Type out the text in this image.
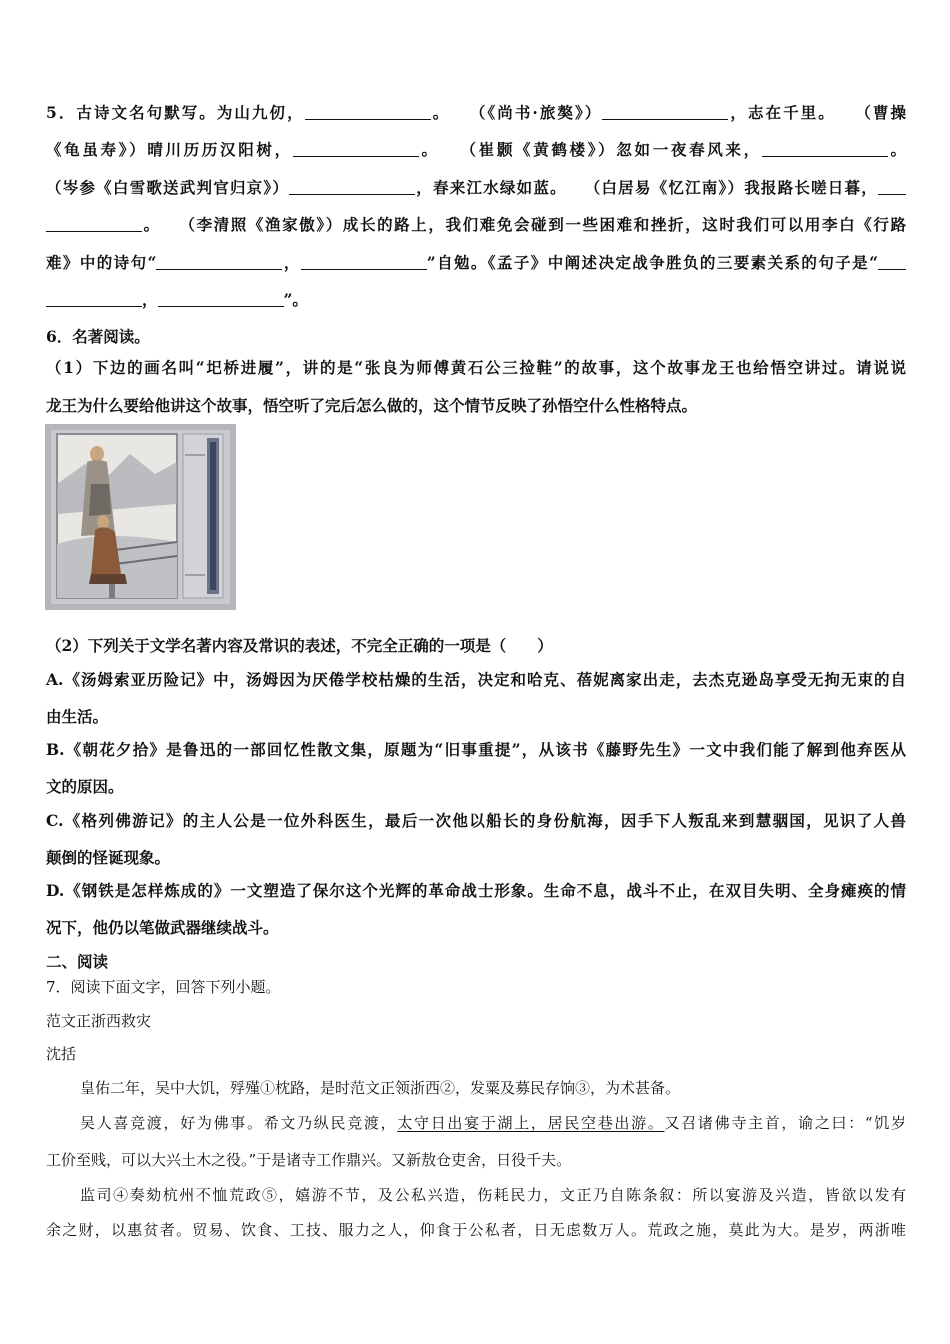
5．古诗文名句默写。为山九仞，	。　　（《尚书·旅獒》）	，志在千里。　　（曹操
《龟虽寿》）晴川历历汉阳树，	。　　（崔颢《黄鹤楼》）忽如一夜春风来，	。
（岑参《白雪歌送武判官归京》）	，春来江水绿如蓝。　　（白居易《忆江南》）我报路长嗟日暮，
。　　（李清照《渔家傲》）成长的路上，我们难免会碰到一些困难和挫折，这时我们可以用李白《行路
难》中的诗句“	，	”自勉。《孟子》中阐述决定战争胜负的三要素关系的句子是“
，	”。
6．名著阅读。
（1）下边的画名叫“圯桥进履”，讲的是“张良为师傅黄石公三捡鞋”的故事，这个故事龙王也给悟空讲过。请说说
龙王为什么要给他讲这个故事，悟空听了完后怎么做的，这个情节反映了孙悟空什么性格特点。
（2）下列关于文学名著内容及常识的表述，不完全正确的一项是（　　）
A.《汤姆索亚历险记》中，汤姆因为厌倦学校枯燥的生活，决定和哈克、蓓妮离家出走，去杰克逊岛享受无拘无束的自
由生活。
B.《朝花夕拾》是鲁迅的一部回忆性散文集，原题为“旧事重提”，从该书《藤野先生》一文中我们能了解到他弃医从
文的原因。
C.《格列佛游记》的主人公是一位外科医生，最后一次他以船长的身份航海，因手下人叛乱来到慧骃国，见识了人兽
颠倒的怪诞现象。
D.《钢铁是怎样炼成的》一文塑造了保尔这个光辉的革命战士形象。生命不息，战斗不止，在双目失明、全身瘫痪的情
况下，他仍以笔做武器继续战斗。
二、阅读
7．阅读下面文字，回答下列小题。
范文正浙西救灾
沈括
皇佑二年，吴中大饥，殍殣①枕路，是时范文正领浙西②，发粟及募民存饷③，为术甚备。
吴人喜竞渡，好为佛事。希文乃纵民竞渡，太守日出宴于湖上，居民空巷出游。又召诸佛寺主首，谕之曰：“饥岁
工价至贱，可以大兴土木之役。”于是诸寺工作鼎兴。又新敖仓吏舍，日役千夫。
监司④奏劾杭州不恤荒政⑤，嬉游不节，及公私兴造，伤耗民力，文正乃自陈条叙：所以宴游及兴造，皆欲以发有
余之财，以惠贫者。贸易、饮食、工技、服力之人，仰食于公私者，日无虑数万人。荒政之施，莫此为大。是岁，两浙唯
